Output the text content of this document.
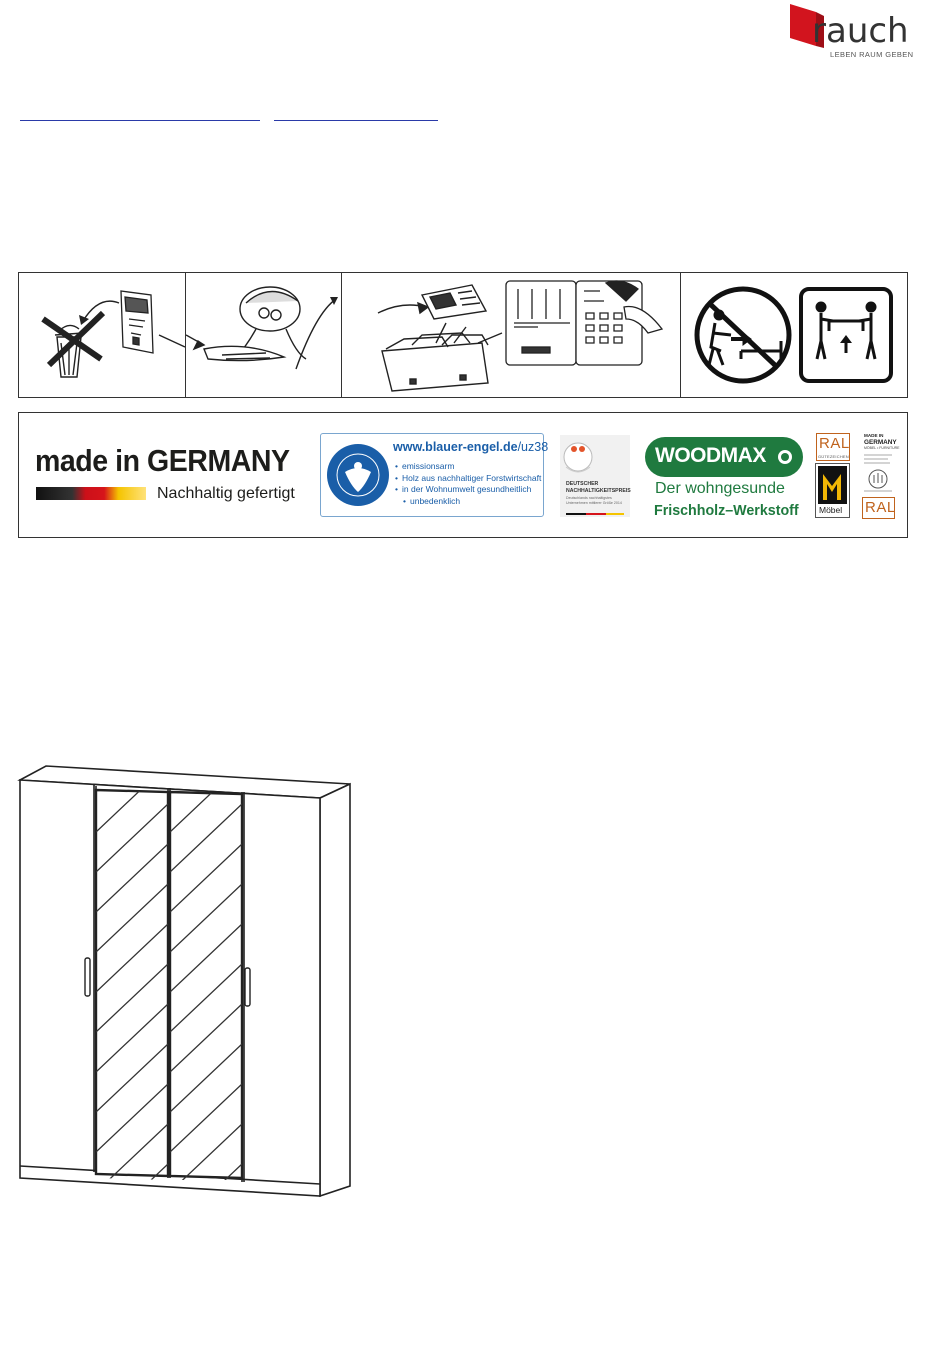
rauch
LEBEN RAUM GEBEN
made in GERMANY
Nachhaltig gefertigt
www.blauer-engel.de/uz38
• emissionsarm
• Holz aus nachhaltiger Forstwirtschaft
• in der Wohnumwelt gesundheitlich
• unbedenklich
DEUTSCHER
NACHHALTIGKEITSPREIS
Deutschlands nachhaltigstes
Unternehmen mittlerer Größe 2014
WOODMAX
Der wohngesunde
Frischholz–Werkstoff
RAL
GÜTEZEICHEN
Möbel
MADE IN
GERMANY
MÖBEL • FURNITURE
RAL
